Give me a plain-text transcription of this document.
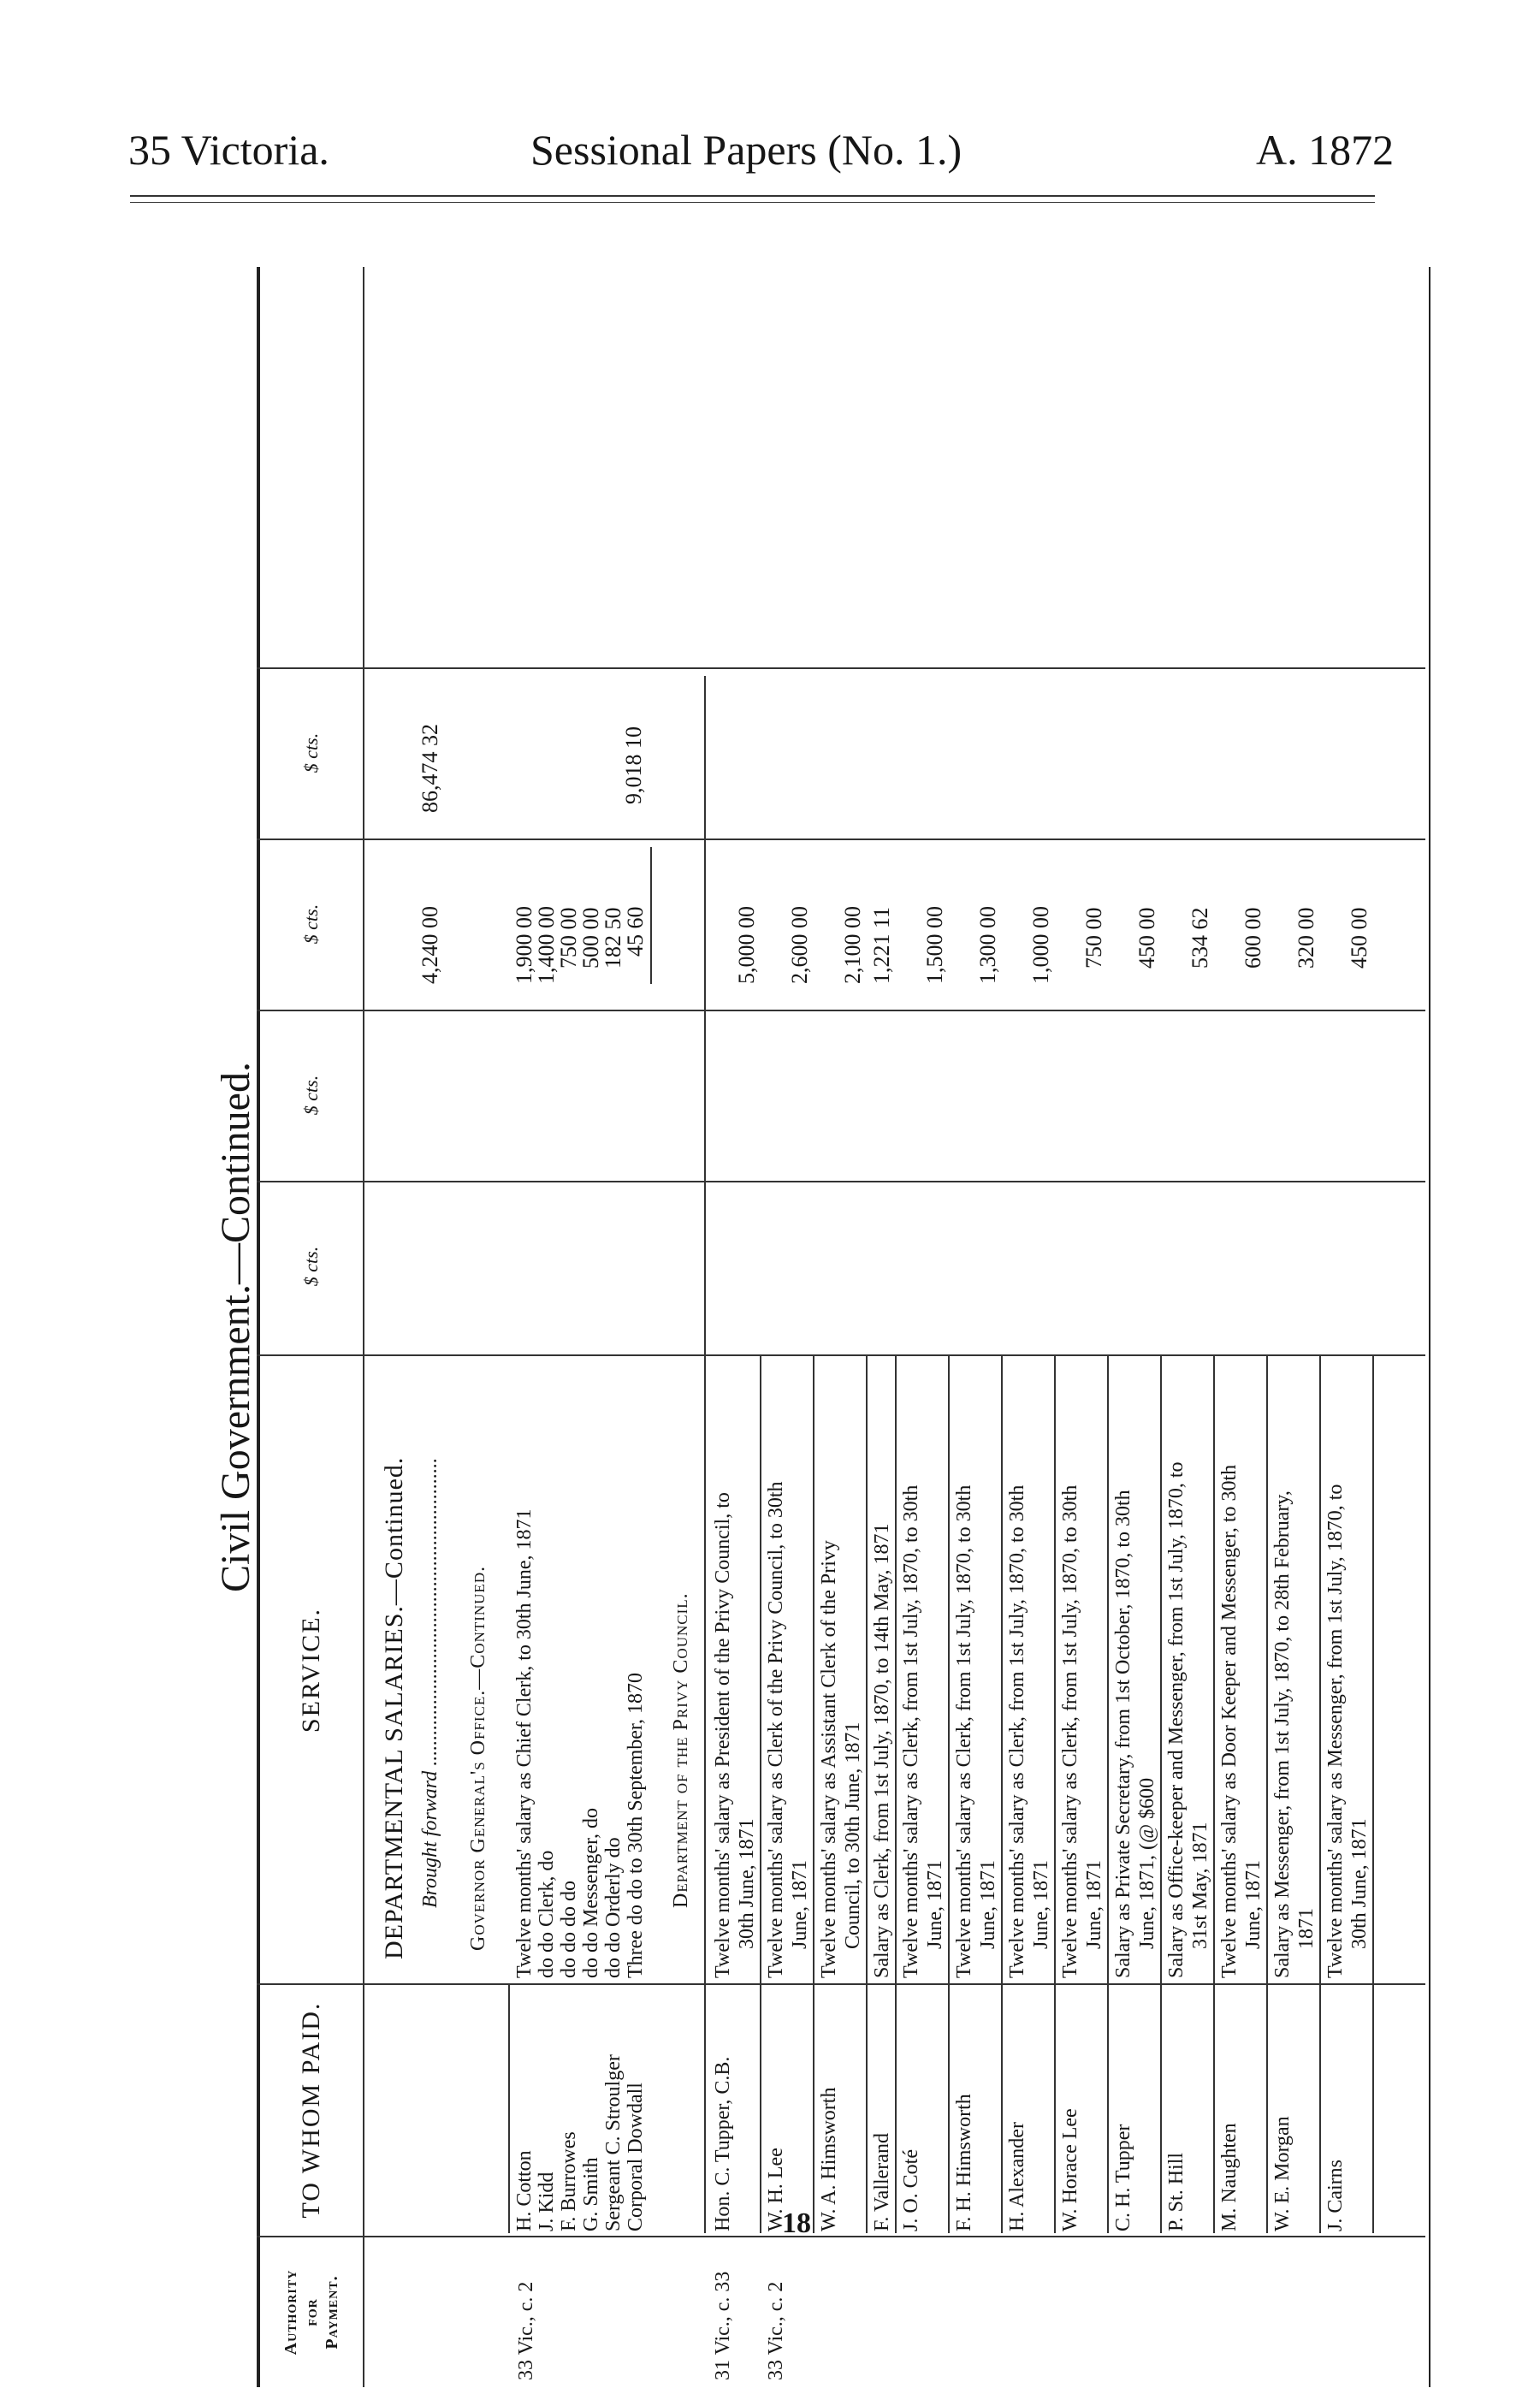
35 Victoria.	Sessional Papers (No. 1.)	A. 1872
Civil Government.—Continued.
Authority for Payment.
TO WHOM PAID.
SERVICE.
$ cts.
$ cts.
$ cts.
$ cts.
DEPARTMENTAL SALARIES.—Continued. Brought forward .....
4,240 00
86,474 32
Governor General's Office.—Continued.
33 Vic., c. 2
H. Cotton
Twelve months' salary as Chief Clerk, to 30th June, 1871
1,900 00
J. Kidd
do do Clerk, do
1,400 00
F. Burrowes
do do do do
750 00
G. Smith
do do Messenger, do
500 00
Sergeant C. Stroulger
do do Orderly do
182 50
Corporal Dowdall
Three do do to 30th September, 1870
45 60
9,018 10
Department of the Privy Council.
31 Vic., c. 33
Hon. C. Tupper, C.B.
Twelve months' salary as President of the Privy Council, to 30th June, 1871
5,000 00
33 Vic., c. 2
W. H. Lee
Twelve months' salary as Clerk of the Privy Council, to 30th June, 1871
2,600 00
W. A. Himsworth
Twelve months' salary as Assistant Clerk of the Privy Council, to 30th June, 1871
2,100 00
F. Vallerand
Salary as Clerk, from 1st July, 1870, to 14th May, 1871
1,221 11
J. O. Coté
Twelve months' salary as Clerk, from 1st July, 1870, to 30th June, 1871
1,500 00
F. H. Himsworth
Twelve months' salary as Clerk, from 1st July, 1870, to 30th June, 1871
1,300 00
H. Alexander
Twelve months' salary as Clerk, from 1st July, 1870, to 30th June, 1871
1,000 00
W. Horace Lee
Twelve months' salary as Clerk, from 1st July, 1870, to 30th June, 1871
750 00
C. H. Tupper
Salary as Private Secretary, from 1st October, 1870, to 30th June, 1871, (@ $600
450 00
P. St. Hill
Salary as Office-keeper and Messenger, from 1st July, 1870, to 31st May, 1871
534 62
M. Naughten
Twelve months' salary as Door Keeper and Messenger, to 30th June, 1871
600 00
W. E. Morgan
Salary as Messenger, from 1st July, 1870, to 28th February, 1871
320 00
J. Cairns
Twelve months' salary as Messenger, from 1st July, 1870, to 30th June, 1871
450 00
18
